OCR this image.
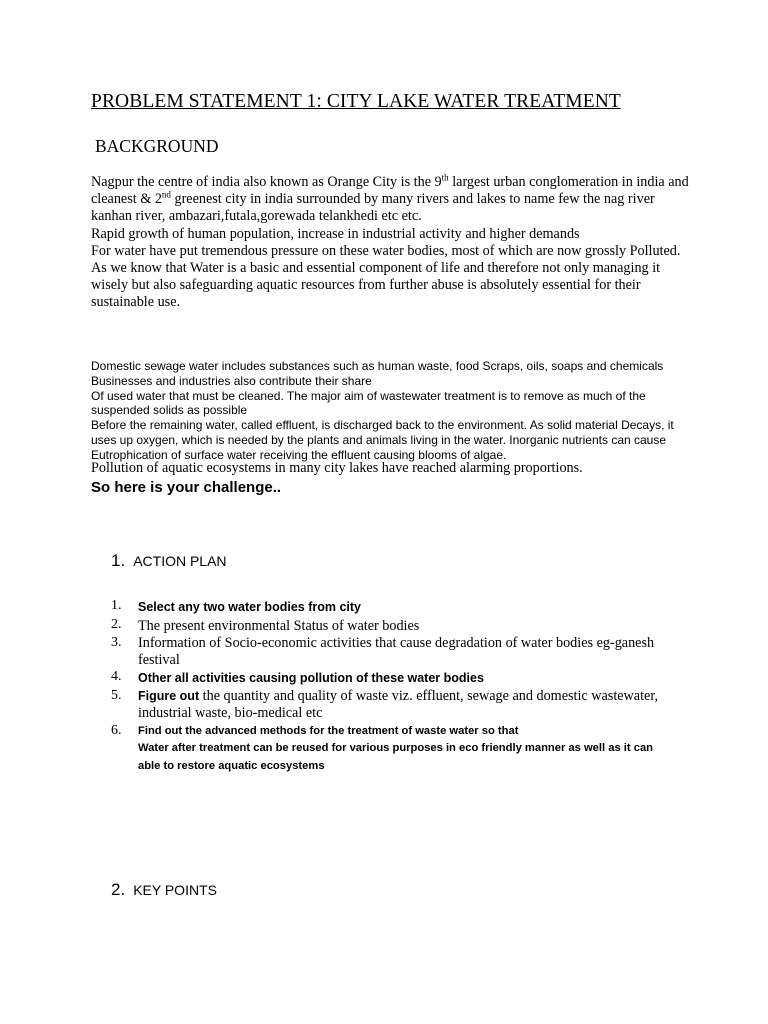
PROBLEM STATEMENT 1: CITY LAKE WATER TREATMENT
BACKGROUND

Nagpur the centre of india also known as Orange City is the 9th largest urban conglomeration in india and cleanest & 2nd greenest city in india surrounded by many rivers and lakes to name few the nag river kanhan river, ambazari,futala,gorewada telankhedi etc etc.

Rapid growth of human population, increase in industrial activity and higher demands

For water have put tremendous pressure on these water bodies, most of which are now grossly Polluted.

As we know that Water is a basic and essential component of life and therefore not only managing it wisely but also safeguarding aquatic resources from further abuse is absolutely essential for their sustainable use.

Domestic sewage water includes substances such as human waste, food Scraps, oils, soaps and chemicals Businesses and industries also contribute their share

Of used water that must be cleaned. The major aim of wastewater treatment is to remove as much of the suspended solids as possible

Before the remaining water, called effluent, is discharged back to the environment. As solid material Decays, it uses up oxygen, which is needed by the plants and animals living in the water. Inorganic nutrients can cause Eutrophication of surface water receiving the effluent causing blooms of algae.

Pollution of aquatic ecosystems in many city lakes have reached alarming proportions.
So here is your challenge..
1. ACTION PLAN
1. Select any two water bodies from city
2. The present environmental Status of water bodies
3. Information of Socio-economic activities that cause degradation of water bodies eg-ganesh festival
4. Other all activities causing pollution of these water bodies
5. Figure out the quantity and quality of waste viz. effluent, sewage and domestic wastewater, industrial waste, bio-medical etc
6. Find out the advanced methods for the treatment of waste water so that
Water after treatment can be reused for various purposes in eco friendly manner as well as it can able to restore aquatic ecosystems
2. KEY POINTS
